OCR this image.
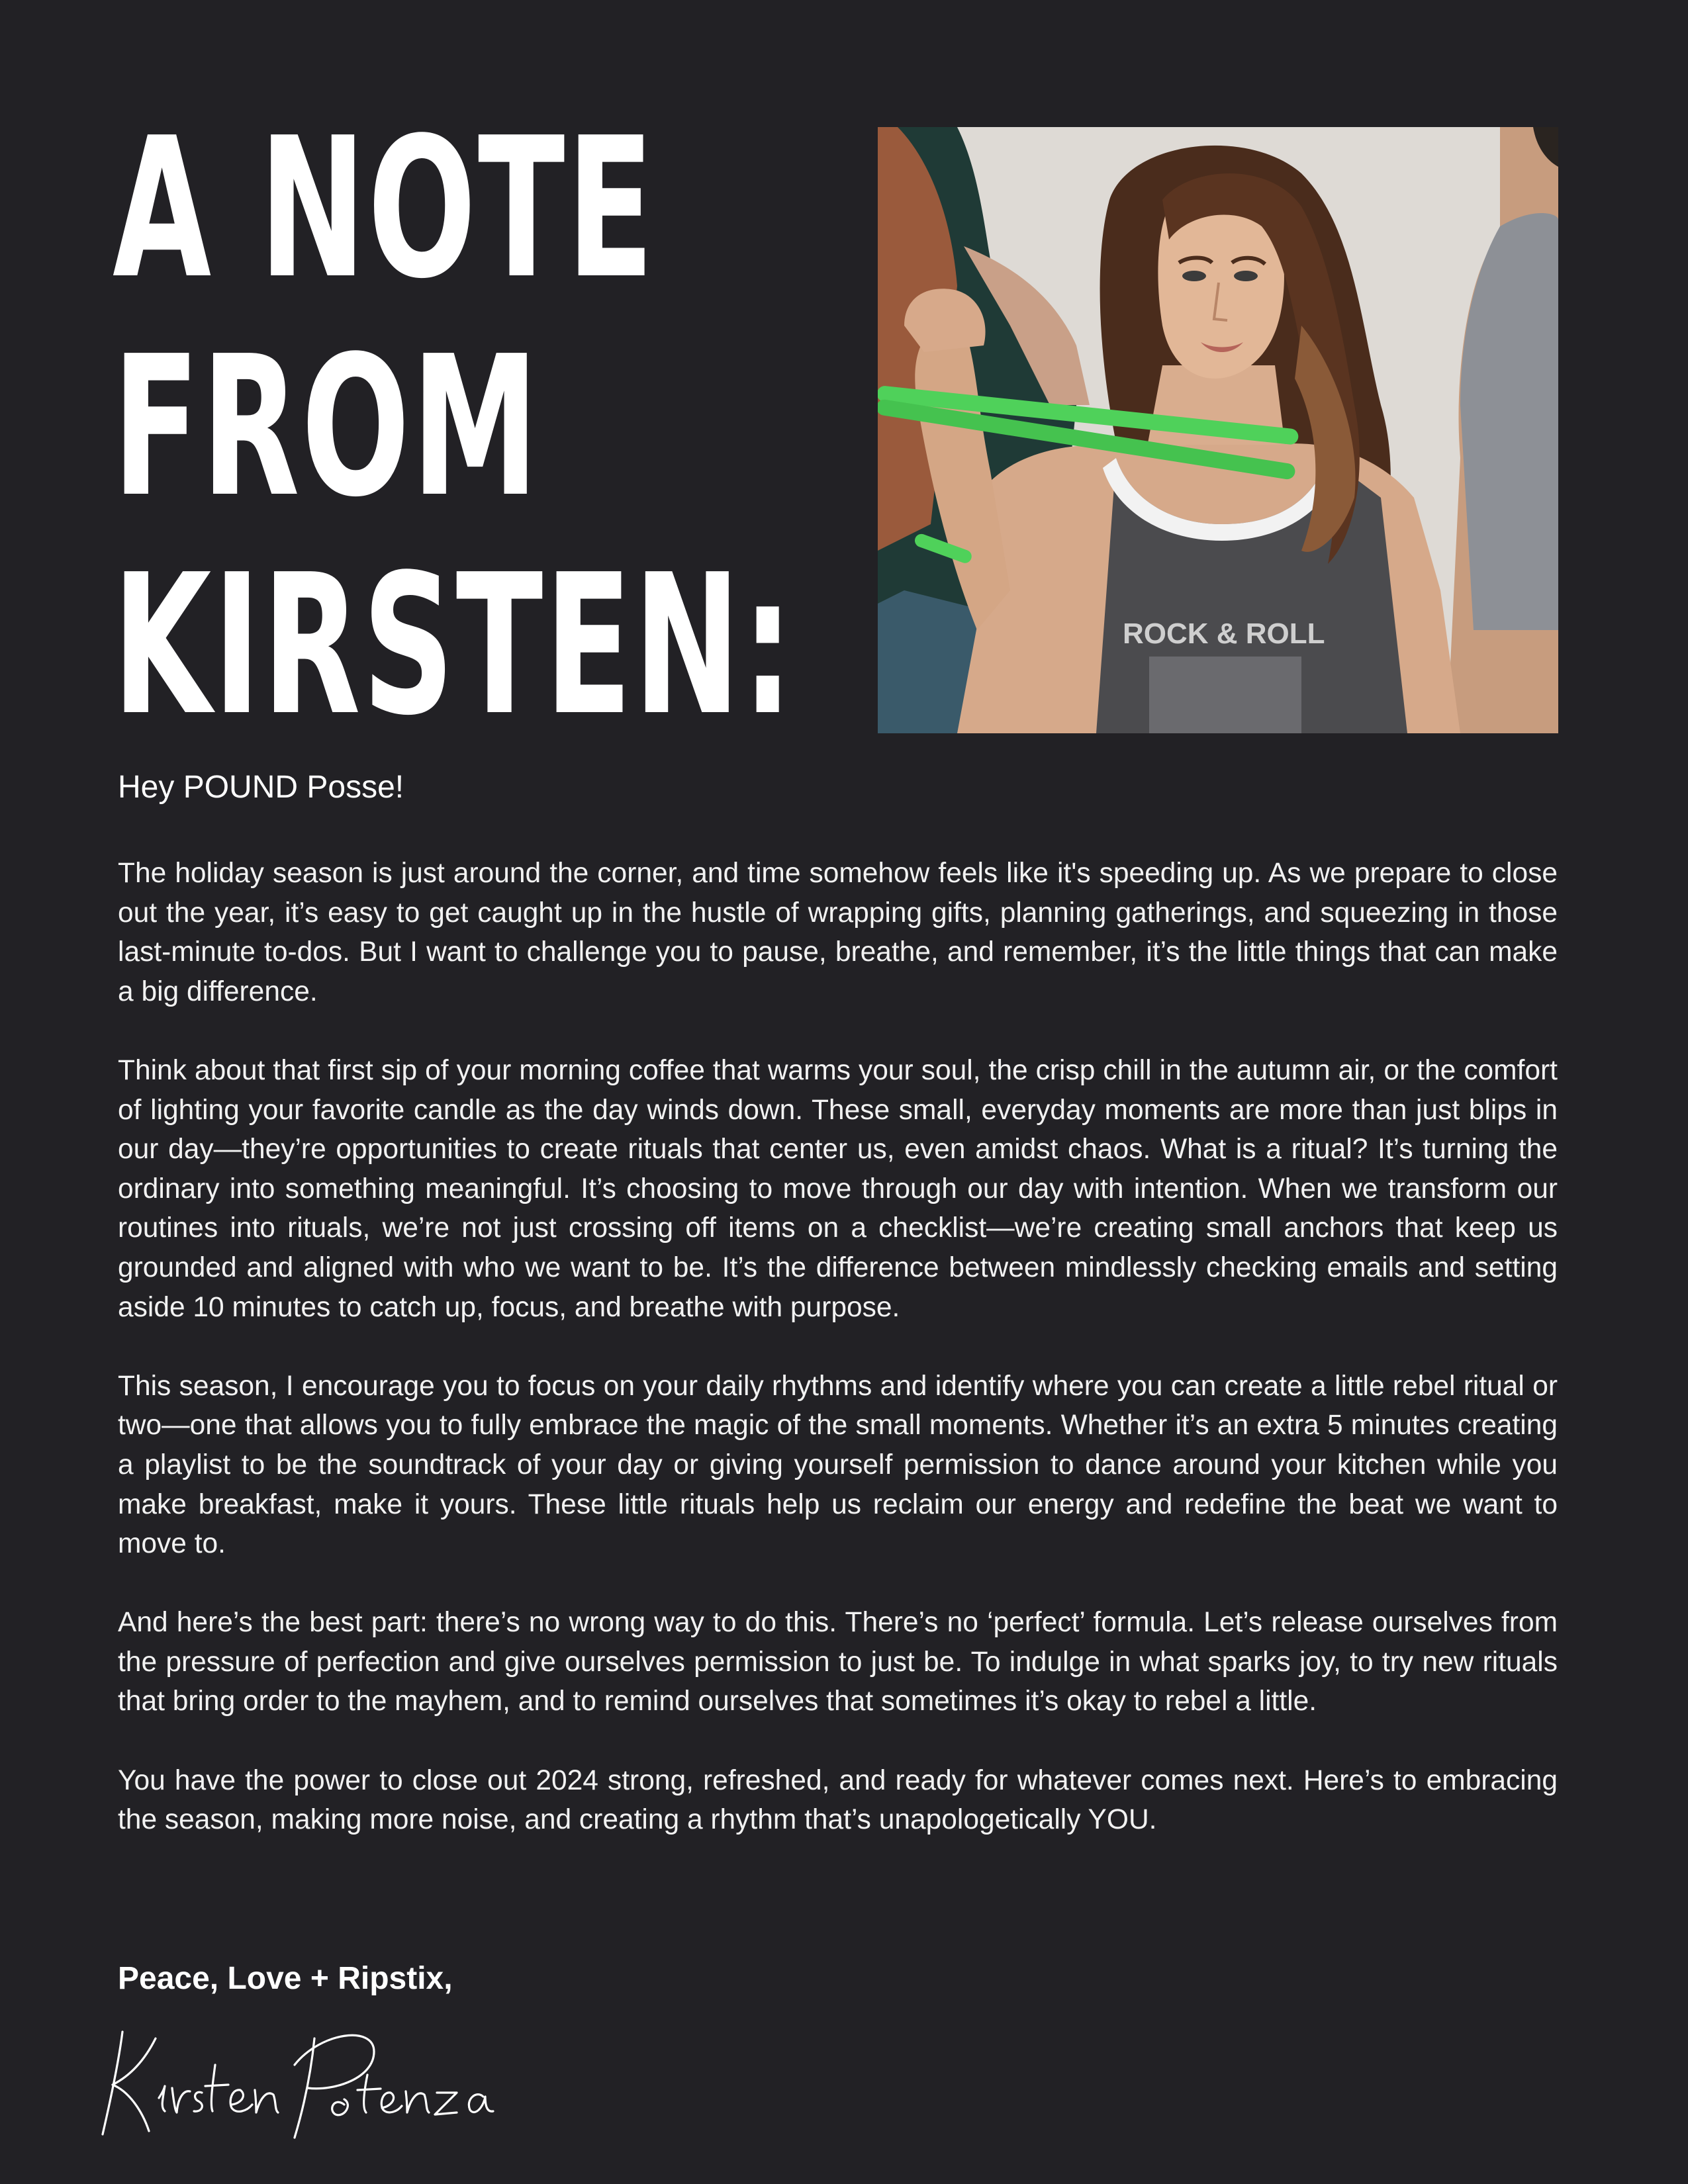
A NOTE
FROM
KIRSTEN:	ROCK & ROLL
Hey POUND Posse!

The holiday season is just around the corner, and time somehow feels like it's speeding up. As we prepare to close out the year, it’s easy to get caught up in the hustle of wrapping gifts, planning gatherings, and squeezing in those last-minute to-dos. But I want to challenge you to pause, breathe, and remember, it’s the little things that can make a big difference.

Think about that first sip of your morning coffee that warms your soul, the crisp chill in the autumn air, or the comfort of lighting your favorite candle as the day winds down. These small, everyday moments are more than just blips in our day—they’re opportunities to create rituals that center us, even amidst chaos. What is a ritual? It’s turning the ordinary into something meaningful. It’s choosing to move through our day with intention. When we transform our routines into rituals, we’re not just crossing off items on a checklist—we’re creating small anchors that keep us grounded and aligned with who we want to be. It’s the difference between mindlessly checking emails and setting aside 10 minutes to catch up, focus, and breathe with purpose.

This season, I encourage you to focus on your daily rhythms and identify where you can create a little rebel ritual or two—one that allows you to fully embrace the magic of the small moments. Whether it’s an extra 5 minutes creating a playlist to be the soundtrack of your day or giving yourself permission to dance around your kitchen while you make breakfast, make it yours. These little rituals help us reclaim our energy and redefine the beat we want to move to.

And here’s the best part: there’s no wrong way to do this. There’s no ‘perfect’ formula. Let’s release ourselves from the pressure of perfection and give ourselves permission to just be. To indulge in what sparks joy, to try new rituals that bring order to the mayhem, and to remind ourselves that sometimes it’s okay to rebel a little.

You have the power to close out 2024 strong, refreshed, and ready for whatever comes next. Here’s to embracing the season, making more noise, and creating a rhythm that’s unapologetically YOU.

Peace, Love + Ripstix,
